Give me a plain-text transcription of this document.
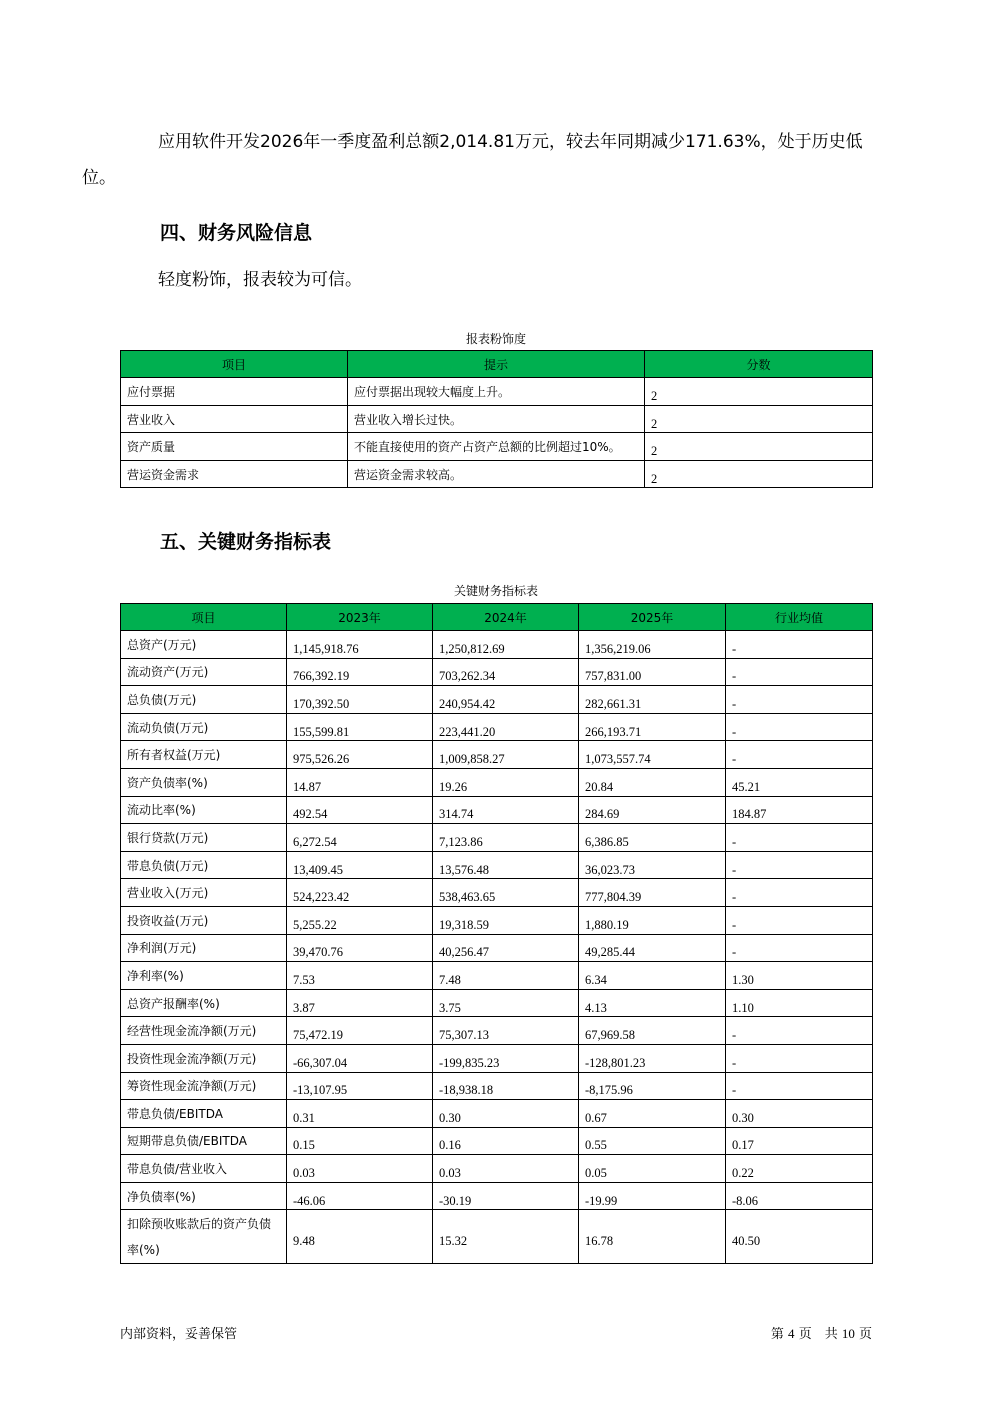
应用软件开发2026年一季度盈利总额2,014.81万元，较去年同期减少171.63%，处于历史低
位。

四、财务风险信息

轻度粉饰，报表较为可信。

报表粉饰度

项目	提示	分数
应付票据	应付票据出现较大幅度上升。	2
营业收入	营业收入增长过快。	2
资产质量	不能直接使用的资产占资产总额的比例超过10%。	2
营运资金需求	营运资金需求较高。	2
五、关键财务指标表

关键财务指标表

项目	2023年	2024年	2025年	行业均值
总资产(万元)	1,145,918.76	1,250,812.69	1,356,219.06	-
流动资产(万元)	766,392.19	703,262.34	757,831.00	-
总负债(万元)	170,392.50	240,954.42	282,661.31	-
流动负债(万元)	155,599.81	223,441.20	266,193.71	-
所有者权益(万元)	975,526.26	1,009,858.27	1,073,557.74	-
资产负债率(%)	14.87	19.26	20.84	45.21
流动比率(%)	492.54	314.74	284.69	184.87
银行贷款(万元)	6,272.54	7,123.86	6,386.85	-
带息负债(万元)	13,409.45	13,576.48	36,023.73	-
营业收入(万元)	524,223.42	538,463.65	777,804.39	-
投资收益(万元)	5,255.22	19,318.59	1,880.19	-
净利润(万元)	39,470.76	40,256.47	49,285.44	-
净利率(%)	7.53	7.48	6.34	1.30
总资产报酬率(%)	3.87	3.75	4.13	1.10
经营性现金流净额(万元)	75,472.19	75,307.13	67,969.58	-
投资性现金流净额(万元)	-66,307.04	-199,835.23	-128,801.23	-
筹资性现金流净额(万元)	-13,107.95	-18,938.18	-8,175.96	-
带息负债/EBITDA	0.31	0.30	0.67	0.30
短期带息负债/EBITDA	0.15	0.16	0.55	0.17
带息负债/营业收入	0.03	0.03	0.05	0.22
净负债率(%)	-46.06	-30.19	-19.99	-8.06
扣除预收账款后的资产负债率(%)	9.48	15.32	16.78	40.50

内部资料，妥善保管	第 4 页　共 10 页
